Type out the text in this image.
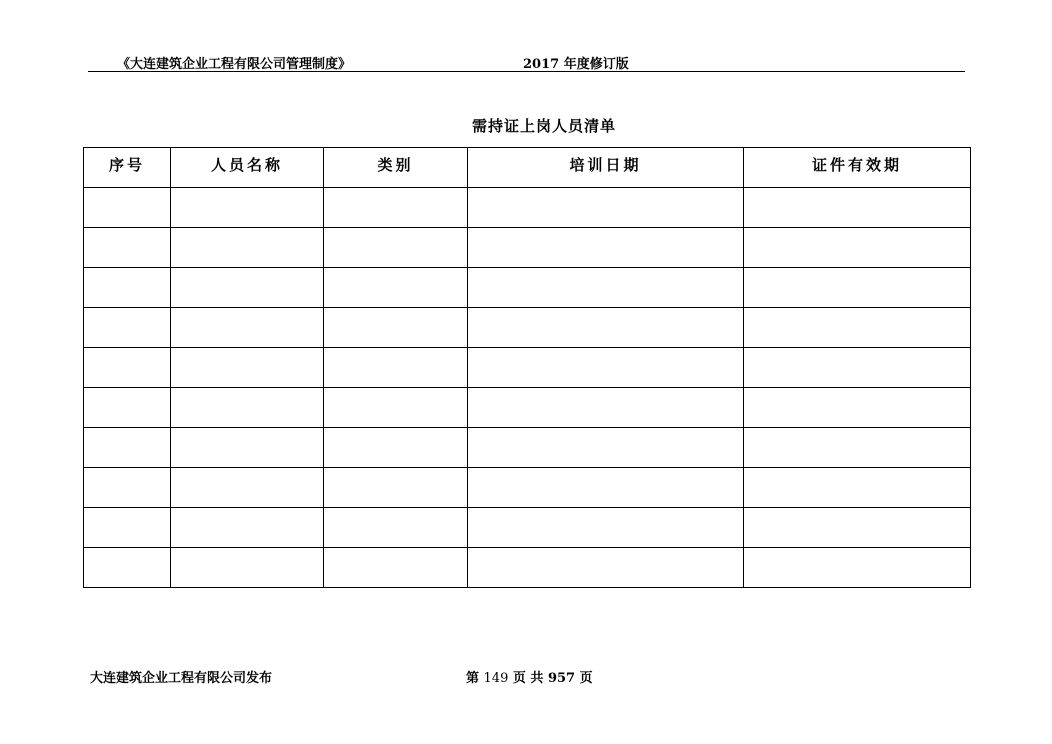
《大连建筑企业工程有限公司管理制度》	2017 年度修订版
需持证上岗人员清单
序号	人员名称	类别	培训日期	证件有效期

大连建筑企业工程有限公司发布	第 149 页 共 957 页
